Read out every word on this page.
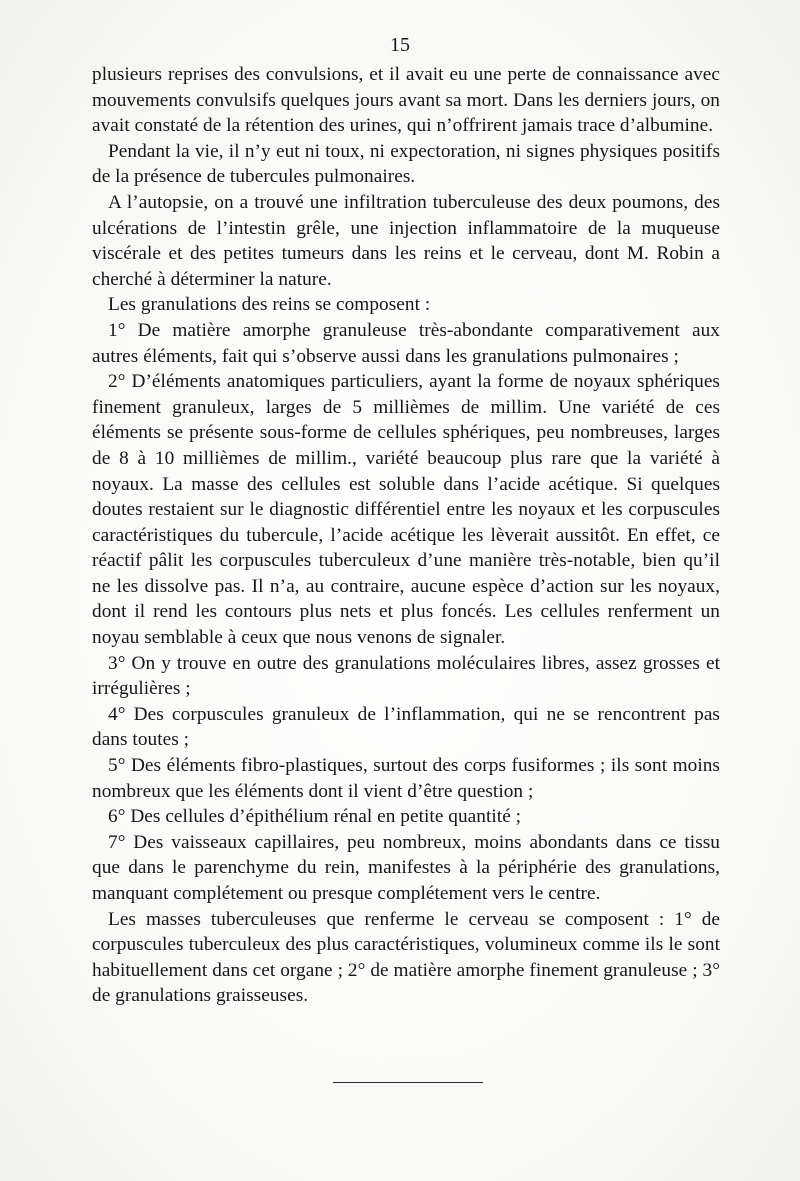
15

plusieurs reprises des convulsions, et il avait eu une perte de connaissance avec mouvements convulsifs quelques jours avant sa mort. Dans les derniers jours, on avait constaté de la rétention des urines, qui n’offrirent jamais trace d’albumine.

Pendant la vie, il n’y eut ni toux, ni expectoration, ni signes physiques positifs de la présence de tubercules pulmonaires.

A l’autopsie, on a trouvé une infiltration tuberculeuse des deux poumons, des ulcérations de l’intestin grêle, une injection inflammatoire de la muqueuse viscérale et des petites tumeurs dans les reins et le cerveau, dont M. Robin a cherché à déterminer la nature.

Les granulations des reins se composent :

1° De matière amorphe granuleuse très-abondante comparativement aux autres éléments, fait qui s’observe aussi dans les granulations pulmonaires ;

2° D’éléments anatomiques particuliers, ayant la forme de noyaux sphériques finement granuleux, larges de 5 millièmes de millim. Une variété de ces éléments se présente sous-forme de cellules sphériques, peu nombreuses, larges de 8 à 10 millièmes de millim., variété beaucoup plus rare que la variété à noyaux. La masse des cellules est soluble dans l’acide acétique. Si quelques doutes restaient sur le diagnostic différentiel entre les noyaux et les corpuscules caractéristiques du tubercule, l’acide acétique les lèverait aussitôt. En effet, ce réactif pâlit les corpuscules tuberculeux d’une manière très-notable, bien qu’il ne les dissolve pas. Il n’a, au contraire, aucune espèce d’action sur les noyaux, dont il rend les contours plus nets et plus foncés. Les cellules renferment un noyau semblable à ceux que nous venons de signaler.

3° On y trouve en outre des granulations moléculaires libres, assez grosses et irrégulières ;

4° Des corpuscules granuleux de l’inflammation, qui ne se rencontrent pas dans toutes ;

5° Des éléments fibro-plastiques, surtout des corps fusiformes ; ils sont moins nombreux que les éléments dont il vient d’être question ;

6° Des cellules d’épithélium rénal en petite quantité ;

7° Des vaisseaux capillaires, peu nombreux, moins abondants dans ce tissu que dans le parenchyme du rein, manifestes à la périphérie des granulations, manquant complétement ou presque complétement vers le centre.

Les masses tuberculeuses que renferme le cerveau se composent : 1° de corpuscules tuberculeux des plus caractéristiques, volumineux comme ils le sont habituellement dans cet organe ; 2° de matière amorphe finement granuleuse ; 3° de granulations graisseuses.
